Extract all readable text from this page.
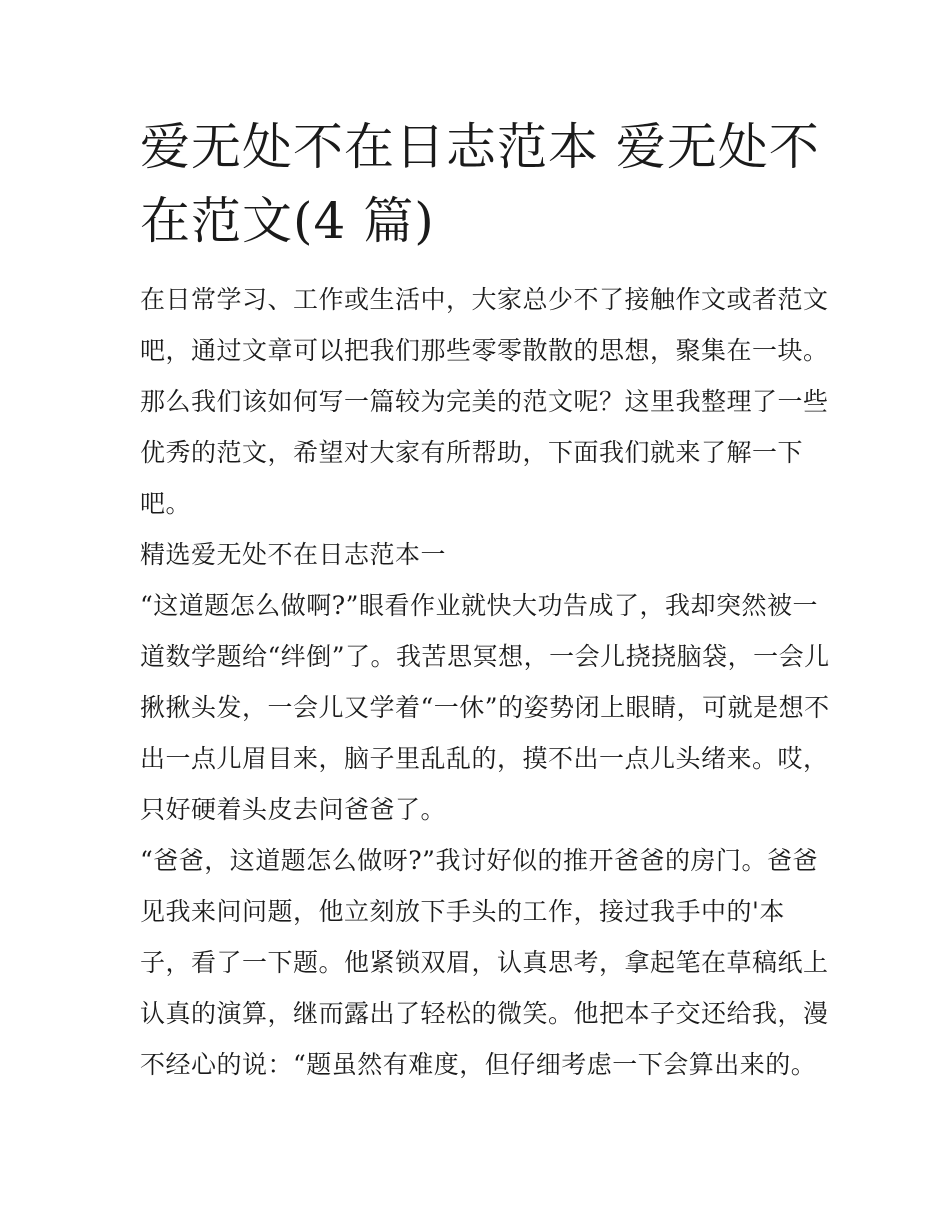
爱无处不在日志范本 爱无处不
在范文(4 篇)
在日常学习、工作或生活中，大家总少不了接触作文或者范文
吧，通过文章可以把我们那些零零散散的思想，聚集在一块。
那么我们该如何写一篇较为完美的范文呢？这里我整理了一些
优秀的范文，希望对大家有所帮助，下面我们就来了解一下
吧。
精选爱无处不在日志范本一
“这道题怎么做啊?”眼看作业就快大功告成了，我却突然被一
道数学题给“绊倒”了。我苦思冥想，一会儿挠挠脑袋，一会儿
揪揪头发，一会儿又学着“一休”的姿势闭上眼睛，可就是想不
出一点儿眉目来，脑子里乱乱的，摸不出一点儿头绪来。哎，
只好硬着头皮去问爸爸了。
“爸爸，这道题怎么做呀?”我讨好似的推开爸爸的房门。爸爸
见我来问问题，他立刻放下手头的工作，接过我手中的'本
子，看了一下题。他紧锁双眉，认真思考，拿起笔在草稿纸上
认真的演算，继而露出了轻松的微笑。他把本子交还给我，漫
不经心的说：“题虽然有难度，但仔细考虑一下会算出来的。
